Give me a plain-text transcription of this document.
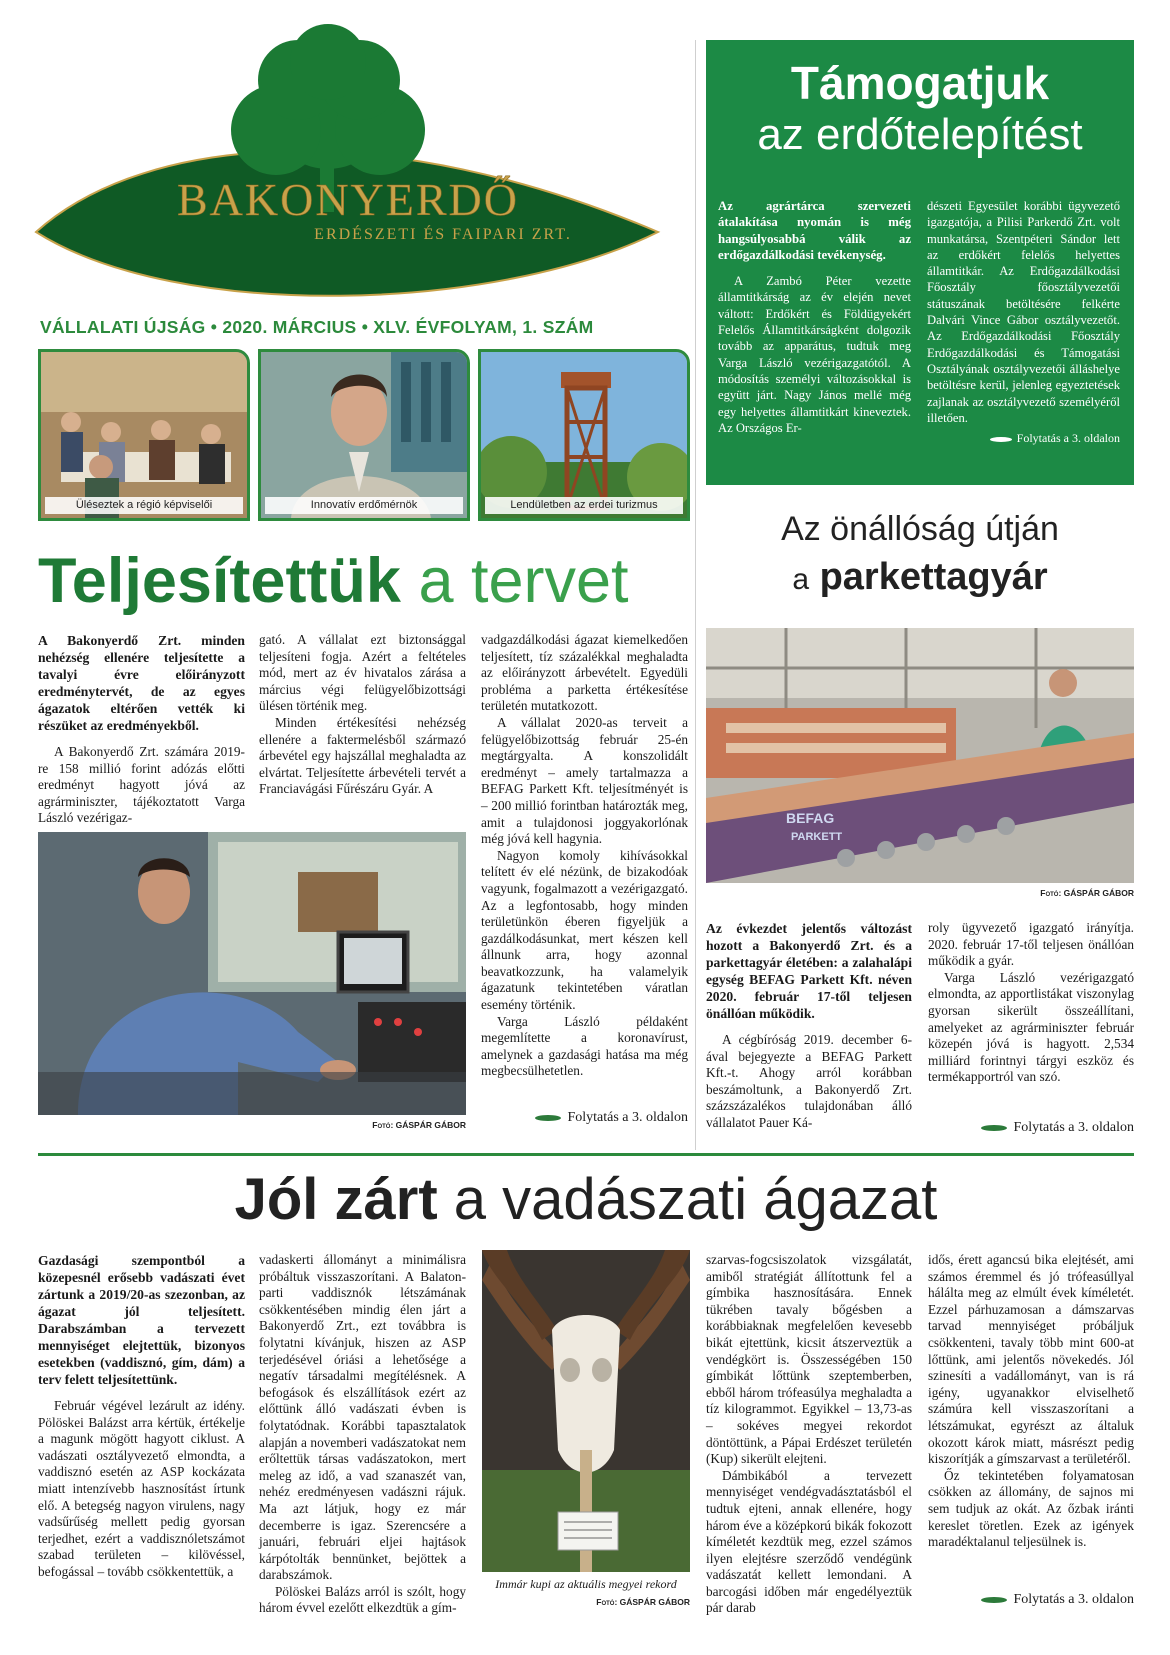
BAKONYERDŐ
ERDÉSZETI ÉS FAIPARI ZRT.
VÁLLALATI ÚJSÁG • 2020. MÁRCIUS • XLV. ÉVFOLYAM, 1. SZÁM
Üléseztek a régió képviselői	Innovatív erdőmérnök	Lendületben az erdei turizmus
Támogatjuk
az erdőtelepítést

Az agrártárca szervezeti átalakítása nyomán is még hangsúlyosabbá válik az erdőgazdálkodási tevékenység.

A Zambó Péter vezette államtitkárság az év elején nevet váltott: Erdőkért és Földügyekért Felelős Államtitkárságként dolgozik tovább az apparátus, tudtuk meg Varga László vezérigazgatótól. A módosítás személyi változásokkal is együtt járt. Nagy János mellé még egy helyettes államtitkárt kineveztek. Az Országos Er-

dészeti Egyesület korábbi ügyvezető igazgatója, a Pilisi Parkerdő Zrt. volt munkatársa, Szentpéteri Sándor lett az erdőkért felelős helyettes államtitkár. Az Erdőgazdálkodási Főosztály főosztályvezetői státuszának betöltésére felkérte Dalvári Vince Gábor osztályvezetőt. Az Erdőgazdálkodási Főosztály Erdőgazdálkodási és Támogatási Osztályának osztályvezetői álláshelye betöltésre kerül, jelenleg egyeztetések zajlanak az osztályvezető személyéről illetően.

Folytatás a 3. oldalon
Teljesítettük a tervet

A Bakonyerdő Zrt. minden nehézség ellenére teljesítette a tavalyi évre előirányzott eredménytervét, de az egyes ágazatok eltérően vették ki részüket az eredményekből.

A Bakonyerdő Zrt. számára 2019-re 158 millió forint adózás előtti eredményt hagyott jóvá az agrárminiszter, tájékoztatott Varga László vezérigaz-

gató. A vállalat ezt biztonsággal teljesíteni fogja. Azért a feltételes mód, mert az év hivatalos zárása a március végi felügyelőbizottsági ülésen történik meg.

Minden értékesítési nehézség ellenére a faktermelésből származó árbevétel egy hajszállal meghaladta az elvártat. Teljesítette árbevételi tervét a Franciavágási Fűrészáru Gyár. A

vadgazdálkodási ágazat kiemelkedően teljesített, tíz százalékkal meghaladta az előirányzott árbevételt. Egyedüli probléma a parketta értékesítése területén mutatkozott.

A vállalat 2020-as terveit a felügyelőbizottság február 25-én megtárgyalta. A konszolidált eredményt – amely tartalmazza a BEFAG Parkett Kft. teljesítményét is – 200 millió forintban határozták meg, amit a tulajdonosi joggyakorlónak még jóvá kell hagynia.

Nagyon komoly kihívásokkal telített év elé nézünk, de bizakodóak vagyunk, fogalmazott a vezérigazgató. Az a legfontosabb, hogy minden területünkön éberen figyeljük a gazdálkodásunkat, mert készen kell állnunk arra, hogy azonnal beavatkozzunk, ha valamelyik ágazatunk tekintetében váratlan esemény történik.

Varga László példaként megemlítette a koronavírust, amelynek a gazdasági hatása ma még megbecsülhetetlen.

Fotó: GÁSPÁR GÁBOR	Folytatás a 3. oldalon
Az önállóság útján
a parkettagyár
BEFAG
PARKETT
Fotó: GÁSPÁR GÁBOR

Az évkezdet jelentős változást hozott a Bakonyerdő Zrt. és a parkettagyár életében: a zalahalápi egység BEFAG Parkett Kft. néven 2020. február 17-től teljesen önállóan működik.

A cégbíróság 2019. december 6-ával bejegyezte a BEFAG Parkett Kft.-t. Ahogy arról korábban beszámoltunk, a Bakonyerdő Zrt. százszázalékos tulajdonában álló vállalatot Pauer Ká-

roly ügyvezető igazgató irányítja. 2020. február 17-től teljesen önállóan működik a gyár.

Varga László vezérigazgató elmondta, az apportlistákat viszonylag gyorsan sikerült összeállítani, amelyeket az agrárminiszter február közepén jóvá is hagyott. 2,534 milliárd forintnyi tárgyi eszköz és termékapportról van szó.

Folytatás a 3. oldalon
Jól zárt a vadászati ágazat

Gazdasági szempontból a közepesnél erősebb vadászati évet zártunk a 2019/20-as szezonban, az ágazat jól teljesített. Darabszámban a tervezett mennyiséget elejtettük, bizonyos esetekben (vaddisznó, gím, dám) a terv felett teljesítettünk.

Február végével lezárult az idény. Pölöskei Balázst arra kértük, értékelje a magunk mögött hagyott ciklust. A vadászati osztályvezető elmondta, a vaddisznó esetén az ASP kockázata miatt intenzívebb hasznosítást írtunk elő. A betegség nagyon virulens, nagy vadsűrűség mellett pedig gyorsan terjedhet, ezért a vaddisznóletszámot szabad területen – kilövéssel, befogással – tovább csökkentettük, a

vadaskerti állományt a minimálisra próbáltuk visszaszorítani. A Balaton-parti vaddisznók létszámának csökkentésében mindig élen járt a Bakonyerdő Zrt., ezt továbbra is folytatni kívánjuk, hiszen az ASP terjedésével óriási a lehetősége a negatív társadalmi megítélésnek. A befogások és elszállítások ezért az előttünk álló vadászati évben is folytatódnak. Korábbi tapasztalatok alapján a novemberi vadászatokat nem erőltettük társas vadászatokon, mert meleg az idő, a vad szanaszét van, nehéz eredményesen vadászni rájuk. Ma azt látjuk, hogy ez már decemberre is igaz. Szerencsére a januári, februári eljei hajtások kárpótolták bennünket, bejöttek a darabszámok.

Pölöskei Balázs arról is szólt, hogy három évvel ezelőtt elkezdtük a gím-

Immár kupi az aktuális megyei rekord
Fotó: GÁSPÁR GÁBOR

szarvas-fogcsiszolatok vizsgálatát, amiből stratégiát állítottunk fel a gímbika hasznosítására. Ennek tükrében tavaly bőgésben a korábbiaknak megfelelően kevesebb bikát ejtettünk, kicsit átszerveztük a vendégkört is. Összességében 150 gímbikát lőttünk szeptemberben, ebből három trófeasúlya meghaladta a tíz kilogrammot. Egyikkel – 13,73-as – sokéves megyei rekordot döntöttünk, a Pápai Erdészet területén (Kup) sikerült elejteni.

Dámbikából a tervezett mennyiséget vendégvadásztatásból el tudtuk ejteni, annak ellenére, hogy három éve a középkorú bikák fokozott kíméletét kezdtük meg, ezzel számos ilyen elejtésre szerződő vendégünk vadászatát kellett lemondani. A barcogási időben már engedélyeztük pár darab

idős, érett agancsú bika elejtését, ami számos éremmel és jó trófeasúllyal hálálta meg az elmúlt évek kíméletét. Ezzel párhuzamosan a dámszarvas tarvad mennyiséget próbáljuk csökkenteni, tavaly több mint 600-at lőttünk, ami jelentős növekedés. Jól szinesíti a vadállományt, van is rá igény, ugyanakkor elviselhető számúra kell visszaszorítani a létszámukat, egyrészt az általuk okozott károk miatt, másrészt pedig kiszorítják a gímszarvast a területéről.

Őz tekintetében folyamatosan csökken az állomány, de sajnos mi sem tudjuk az okát. Az őzbak iránti kereslet töretlen. Ezek az igények maradéktalanul teljesülnek is.

Folytatás a 3. oldalon
